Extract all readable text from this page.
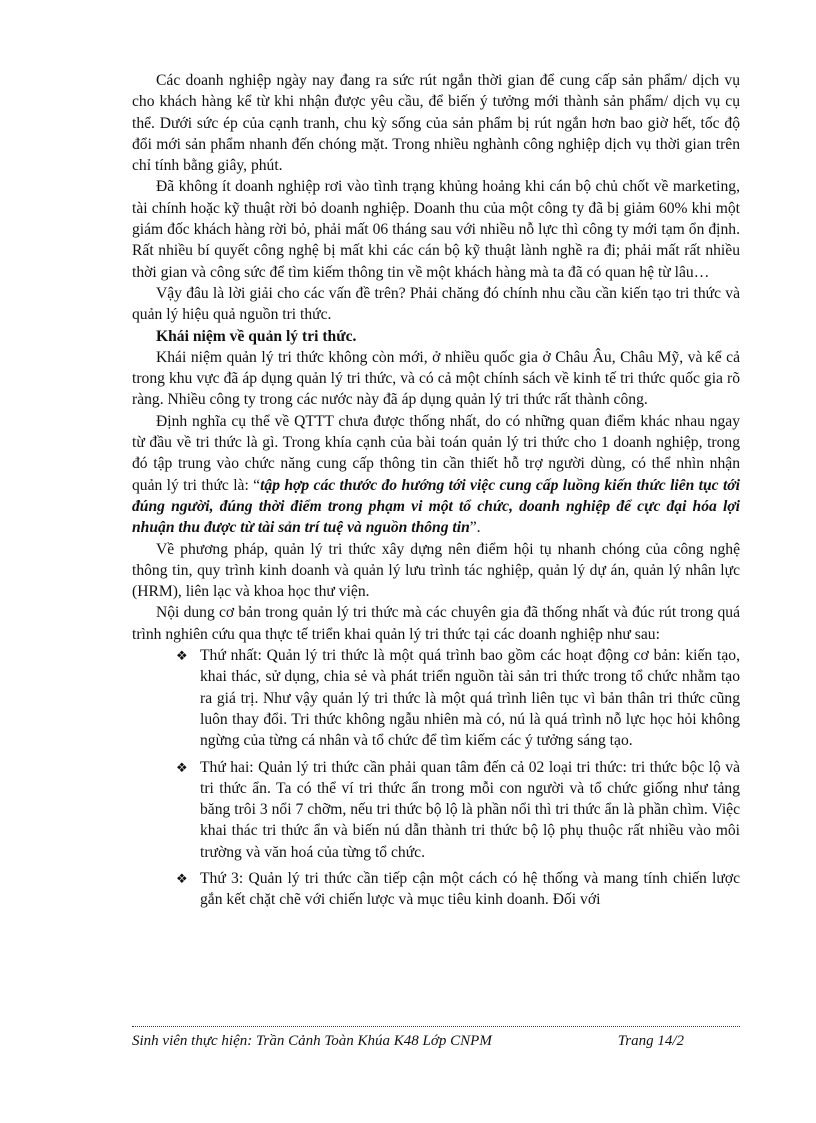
Các doanh nghiệp ngày nay đang ra sức rút ngắn thời gian để cung cấp sản phẩm/ dịch vụ cho khách hàng kể từ khi nhận được yêu cầu, để biến ý tưởng mới thành sản phẩm/ dịch vụ cụ thể. Dưới sức ép của cạnh tranh, chu kỳ sống của sản phẩm bị rút ngắn hơn bao giờ hết, tốc độ đổi mới sản phẩm nhanh đến chóng mặt. Trong nhiều nghành công nghiệp dịch vụ thời gian trên chỉ tính bằng giây, phút.

Đã không ít doanh nghiệp rơi vào tình trạng khủng hoảng khi cán bộ chủ chốt về marketing, tài chính hoặc kỹ thuật rời bỏ doanh nghiệp. Doanh thu của một công ty đã bị giảm 60% khi một giám đốc khách hàng rời bỏ, phải mất 06 tháng sau với nhiều nỗ lực thì công ty mới tạm ổn định. Rất nhiều bí quyết công nghệ bị mất khi các cán bộ kỹ thuật lành nghề ra đi; phải mất rất nhiều thời gian và công sức để tìm kiếm thông tin về một khách hàng mà ta đã có quan hệ từ lâu…

Vậy đâu là lời giải cho các vấn đề trên? Phải chăng đó chính nhu cầu cần kiến tạo tri thức và quản lý hiệu quả nguồn tri thức.

Khái niệm về quản lý tri thức.

Khái niệm quản lý tri thức không còn mới, ở nhiều quốc gia ở Châu Âu, Châu Mỹ, và kể cả trong khu vực đã áp dụng quản lý tri thức, và có cả một chính sách về kinh tế tri thức quốc gia rõ ràng. Nhiều công ty trong các nước này đã áp dụng quản lý tri thức rất thành công.

Định nghĩa cụ thể về QTTT chưa được thống nhất, do có những quan điểm khác nhau ngay từ đầu về tri thức là gì. Trong khía cạnh của bài toán quản lý tri thức cho 1 doanh nghiệp, trong đó tập trung vào chức năng cung cấp thông tin cần thiết hỗ trợ người dùng, có thể nhìn nhận quản lý tri thức là: “tập hợp các thước đo hướng tới việc cung cấp luồng kiến thức liên tục tới đúng người, đúng thời điểm trong phạm vi một tổ chức, doanh nghiệp để cực đại hóa lợi nhuận thu được từ tài sản trí tuệ và nguồn thông tin”.

Về phương pháp, quản lý tri thức xây dựng nên điểm hội tụ nhanh chóng của công nghệ thông tin, quy trình kinh doanh và quản lý lưu trình tác nghiệp, quản lý dự án, quản lý nhân lực (HRM), liên lạc và khoa học thư viện.

Nội dung cơ bản trong quản lý tri thức mà các chuyên gia đã thống nhất và đúc rút trong quá trình nghiên cứu qua thực tế triển khai quản lý tri thức tại các doanh nghiệp như sau:

❖ Thứ nhất: Quản lý tri thức là một quá trình bao gồm các hoạt động cơ bản: kiến tạo, khai thác, sử dụng, chia sẻ và phát triển nguồn tài sản tri thức trong tổ chức nhằm tạo ra giá trị. Như vậy quản lý tri thức là một quá trình liên tục vì bản thân tri thức cũng luôn thay đổi. Tri thức không ngẫu nhiên mà có, nú là quá trình nỗ lực học hỏi không ngừng của từng cá nhân và tổ chức để tìm kiếm các ý tưởng sáng tạo.
❖ Thứ hai: Quản lý tri thức cần phải quan tâm đến cả 02 loại tri thức: tri thức bộc lộ và tri thức ẩn. Ta có thể ví tri thức ẩn trong mỗi con người và tổ chức giống như tảng băng trôi 3 nổi 7 chỡm, nếu tri thức bộ lộ là phần nổi thì tri thức ẩn là phần chìm. Việc khai thác tri thức ẩn và biến nú dẫn thành tri thức bộ lộ phụ thuộc rất nhiều vào môi trường và văn hoá của từng tổ chức.
❖ Thứ 3: Quản lý tri thức cần tiếp cận một cách có hệ thống và mang tính chiến lược gắn kết chặt chẽ với chiến lược và mục tiêu kinh doanh. Đối với
Sinh viên thực hiện: Trần Cảnh Toàn Khúa K48 Lớp CNPM	Trang 14/2
